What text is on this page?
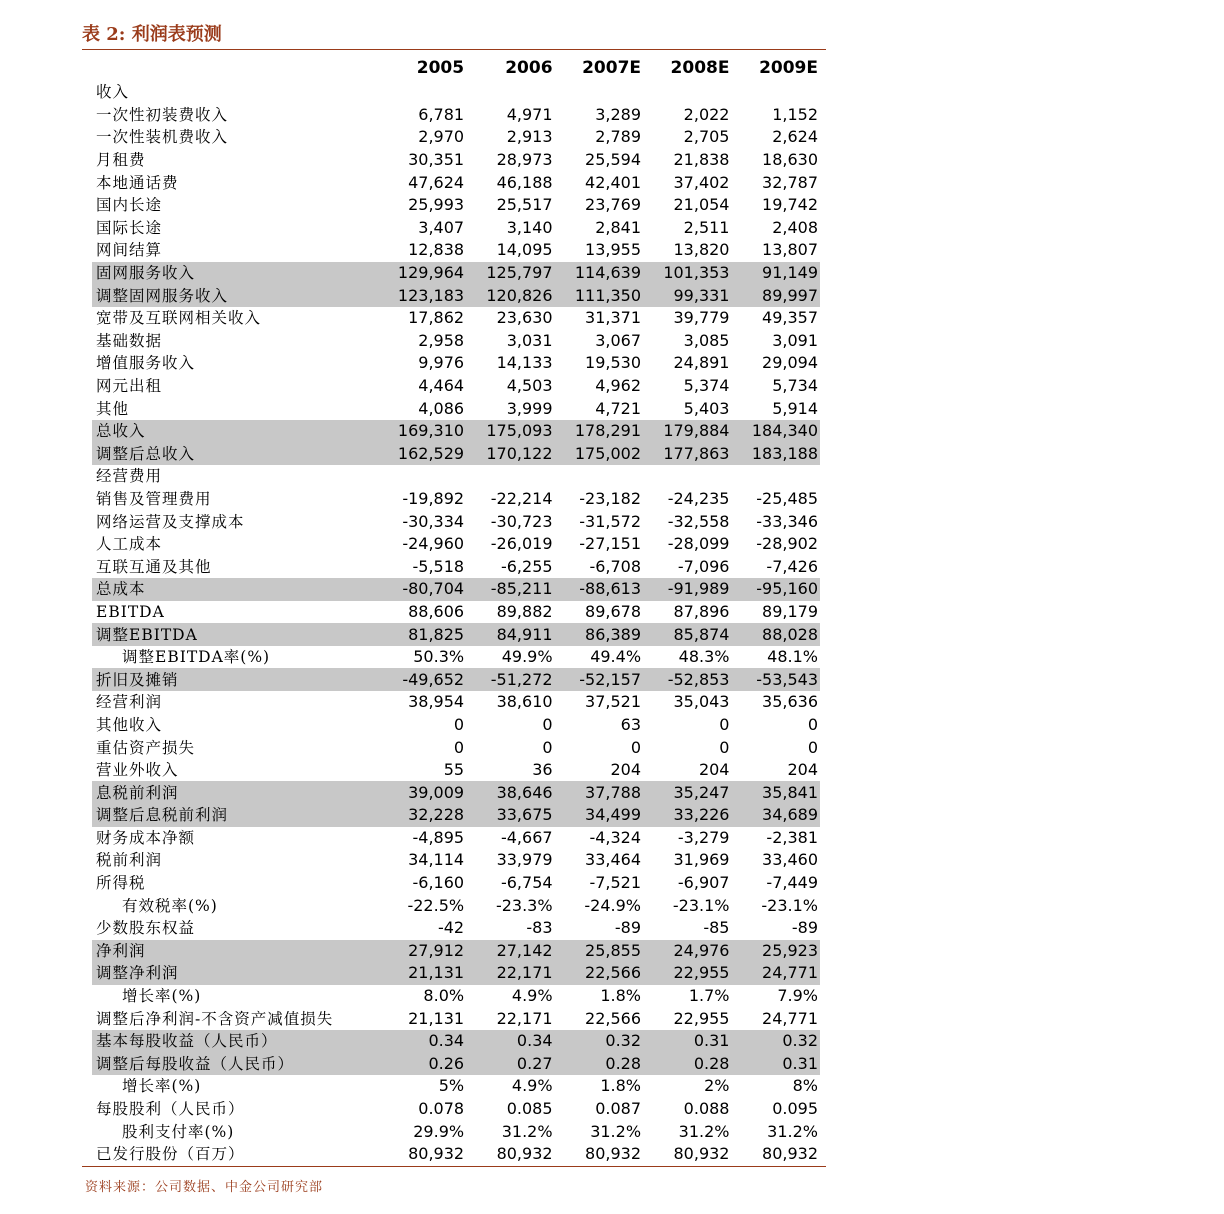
表 2: 利润表预测
	2005	2006	2007E	2008E	2009E
收入					
一次性初装费收入	6,781	4,971	3,289	2,022	1,152
一次性装机费收入	2,970	2,913	2,789	2,705	2,624
月租费	30,351	28,973	25,594	21,838	18,630
本地通话费	47,624	46,188	42,401	37,402	32,787
国内长途	25,993	25,517	23,769	21,054	19,742
国际长途	3,407	3,140	2,841	2,511	2,408
网间结算	12,838	14,095	13,955	13,820	13,807
固网服务收入	129,964	125,797	114,639	101,353	91,149
调整固网服务收入	123,183	120,826	111,350	99,331	89,997
宽带及互联网相关收入	17,862	23,630	31,371	39,779	49,357
基础数据	2,958	3,031	3,067	3,085	3,091
增值服务收入	9,976	14,133	19,530	24,891	29,094
网元出租	4,464	4,503	4,962	5,374	5,734
其他	4,086	3,999	4,721	5,403	5,914
总收入	169,310	175,093	178,291	179,884	184,340
调整后总收入	162,529	170,122	175,002	177,863	183,188
经营费用					
销售及管理费用	-19,892	-22,214	-23,182	-24,235	-25,485
网络运营及支撑成本	-30,334	-30,723	-31,572	-32,558	-33,346
人工成本	-24,960	-26,019	-27,151	-28,099	-28,902
互联互通及其他	-5,518	-6,255	-6,708	-7,096	-7,426
总成本	-80,704	-85,211	-88,613	-91,989	-95,160
EBITDA	88,606	89,882	89,678	87,896	89,179
调整EBITDA	81,825	84,911	86,389	85,874	88,028
调整EBITDA率(%)	50.3%	49.9%	49.4%	48.3%	48.1%
折旧及摊销	-49,652	-51,272	-52,157	-52,853	-53,543
经营利润	38,954	38,610	37,521	35,043	35,636
其他收入	0	0	63	0	0
重估资产损失	0	0	0	0	0
营业外收入	55	36	204	204	204
息税前利润	39,009	38,646	37,788	35,247	35,841
调整后息税前利润	32,228	33,675	34,499	33,226	34,689
财务成本净额	-4,895	-4,667	-4,324	-3,279	-2,381
税前利润	34,114	33,979	33,464	31,969	33,460
所得税	-6,160	-6,754	-7,521	-6,907	-7,449
有效税率(%)	-22.5%	-23.3%	-24.9%	-23.1%	-23.1%
少数股东权益	-42	-83	-89	-85	-89
净利润	27,912	27,142	25,855	24,976	25,923
调整净利润	21,131	22,171	22,566	22,955	24,771
增长率(%)	8.0%	4.9%	1.8%	1.7%	7.9%
调整后净利润-不含资产减值损失	21,131	22,171	22,566	22,955	24,771
基本每股收益（人民币）	0.34	0.34	0.32	0.31	0.32
调整后每股收益（人民币）	0.26	0.27	0.28	0.28	0.31
增长率(%)	5%	4.9%	1.8%	2%	8%
每股股利（人民币）	0.078	0.085	0.087	0.088	0.095
股利支付率(%)	29.9%	31.2%	31.2%	31.2%	31.2%
已发行股份（百万）	80,932	80,932	80,932	80,932	80,932
资料来源：公司数据、中金公司研究部
